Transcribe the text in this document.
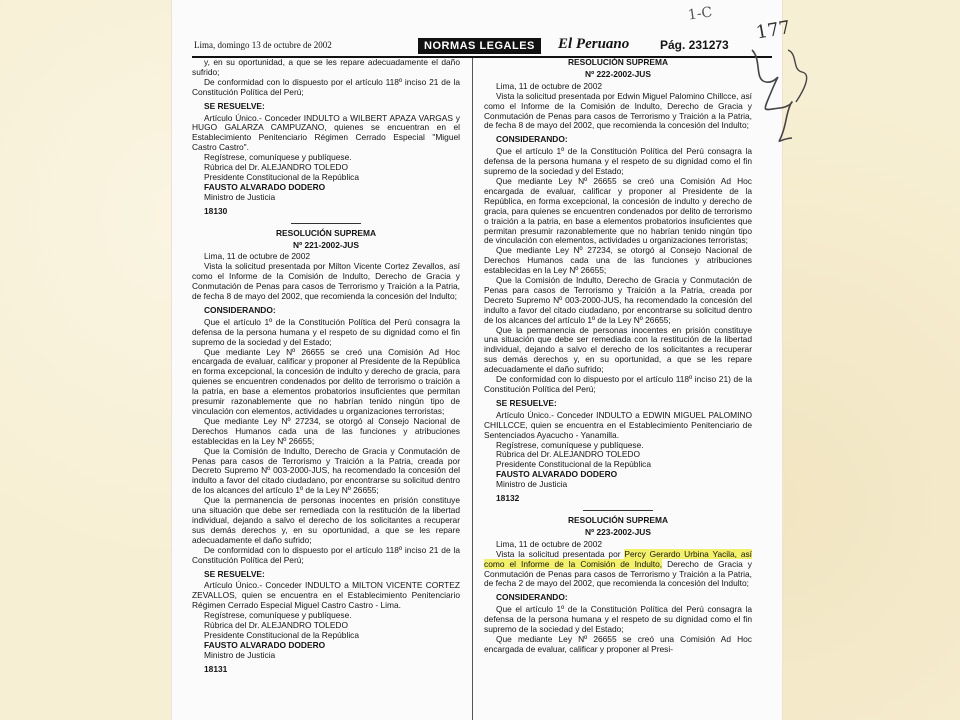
Lima, domingo 13 de octubre de 2002	NORMAS LEGALES	El Peruano	Pág. 231273

y, en su oportunidad, a que se les repare adecuadamente el daño sufrido;

De conformidad con lo dispuesto por el artículo 118º inciso 21 de la Constitución Política del Perú;

SE RESUELVE:

Artículo Único.- Conceder INDULTO a WILBERT APAZA VARGAS y HUGO GALARZA CAMPUZANO, quienes se encuentran en el Establecimiento Penitenciario Régimen Cerrado Especial "Miguel Castro Castro".

Regístrese, comuníquese y publíquese.

Rúbrica del Dr. ALEJANDRO TOLEDO

Presidente Constitucional de la República

FAUSTO ALVARADO DODERO

Ministro de Justicia

18130

RESOLUCIÓN SUPREMA

Nº 221-2002-JUS

Lima, 11 de octubre de 2002

Vista la solicitud presentada por Milton Vicente Cortez Zevallos, así como el Informe de la Comisión de Indulto, Derecho de Gracia y Conmutación de Penas para casos de Terrorismo y Traición a la Patria, de fecha 8 de mayo del 2002, que recomienda la concesión del Indulto;

CONSIDERANDO:

Que el artículo 1º de la Constitución Política del Perú consagra la defensa de la persona humana y el respeto de su dignidad como el fin supremo de la sociedad y del Estado;

Que mediante Ley Nº 26655 se creó una Comisión Ad Hoc encargada de evaluar, calificar y proponer al Presidente de la República en forma excepcional, la concesión de indulto y derecho de gracia, para quienes se encuentren condenados por delito de terrorismo o traición a la patria, en base a elementos probatorios insuficientes que permitan presumir razonablemente que no habrían tenido ningún tipo de vinculación con elementos, actividades u organizaciones terroristas;

Que mediante Ley Nº 27234, se otorgó al Consejo Nacional de Derechos Humanos cada una de las funciones y atribuciones establecidas en la Ley Nº 26655;

Que la Comisión de Indulto, Derecho de Gracia y Conmutación de Penas para casos de Terrorismo y Traición a la Patria, creada por Decreto Supremo Nº 003-2000-JUS, ha recomendado la concesión del indulto a favor del citado ciudadano, por encontrarse su solicitud dentro de los alcances del artículo 1º de la Ley Nº 26655;

Que la permanencia de personas inocentes en prisión constituye una situación que debe ser remediada con la restitución de la libertad individual, dejando a salvo el derecho de los solicitantes a recuperar sus demás derechos y, en su oportunidad, a que se les repare adecuadamente el daño sufrido;

De conformidad con lo dispuesto por el artículo 118º inciso 21 de la Constitución Política del Perú;

SE RESUELVE:

Artículo Único.- Conceder INDULTO a MILTON VICENTE CORTEZ ZEVALLOS, quien se encuentra en el Establecimiento Penitenciario Régimen Cerrado Especial Miguel Castro Castro - Lima.

Regístrese, comuníquese y publíquese.

Rúbrica del Dr. ALEJANDRO TOLEDO

Presidente Constitucional de la República

FAUSTO ALVARADO DODERO

Ministro de Justicia

18131

RESOLUCIÓN SUPREMA

Nº 222-2002-JUS

Lima, 11 de octubre de 2002

Vista la solicitud presentada por Edwin Miguel Palomino Chillcce, así como el Informe de la Comisión de Indulto, Derecho de Gracia y Conmutación de Penas para casos de Terrorismo y Traición a la Patria, de fecha 8 de mayo del 2002, que recomienda la concesión del Indulto;

CONSIDERANDO:

Que el artículo 1º de la Constitución Política del Perú consagra la defensa de la persona humana y el respeto de su dignidad como el fin supremo de la sociedad y del Estado;

Que mediante Ley Nº 26655 se creó una Comisión Ad Hoc encargada de evaluar, calificar y proponer al Presidente de la República, en forma excepcional, la concesión de indulto y derecho de gracia, para quienes se encuentren condenados por delito de terrorismo o traición a la patria, en base a elementos probatorios insuficientes que permitan presumir razonablemente que no habrían tenido ningún tipo de vinculación con elementos, actividades u organizaciones terroristas;

Que mediante Ley Nº 27234, se otorgó al Consejo Nacional de Derechos Humanos cada una de las funciones y atribuciones establecidas en la Ley Nº 26655;

Que la Comisión de Indulto, Derecho de Gracia y Conmutación de Penas para casos de Terrorismo y Traición a la Patria, creada por Decreto Supremo Nº 003-2000-JUS, ha recomendado la concesión del indulto a favor del citado ciudadano, por encontrarse su solicitud dentro de los alcances del artículo 1º de la Ley Nº 26655;

Que la permanencia de personas inocentes en prisión constituye una situación que debe ser remediada con la restitución de la libertad individual, dejando a salvo el derecho de los solicitantes a recuperar sus demás derechos y, en su oportunidad, a que se les repare adecuadamente el daño sufrido;

De conformidad con lo dispuesto por el artículo 118º inciso 21) de la Constitución Política del Perú;

SE RESUELVE:

Artículo Único.- Conceder INDULTO a EDWIN MIGUEL PALOMINO CHILLCCE, quien se encuentra en el Establecimiento Penitenciario de Sentenciados Ayacucho - Yanamilla.

Regístrese, comuníquese y publíquese.

Rúbrica del Dr. ALEJANDRO TOLEDO

Presidente Constitucional de la República

FAUSTO ALVARADO DODERO

Ministro de Justicia

18132

RESOLUCIÓN SUPREMA

Nº 223-2002-JUS

Lima, 11 de octubre de 2002

Vista la solicitud presentada por Percy Gerardo Urbina Yacila, así como el Informe de la Comisión de Indulto, Derecho de Gracia y Conmutación de Penas para casos de Terrorismo y Traición a la Patria, de fecha 2 de mayo del 2002, que recomienda la concesión del Indulto;

CONSIDERANDO:

Que el artículo 1º de la Constitución Política del Perú consagra la defensa de la persona humana y el respeto de su dignidad como el fin supremo de la sociedad y del Estado;

Que mediante Ley Nº 26655 se creó una Comisión Ad Hoc encargada de evaluar, calificar y proponer al Presi-

1-C
177
